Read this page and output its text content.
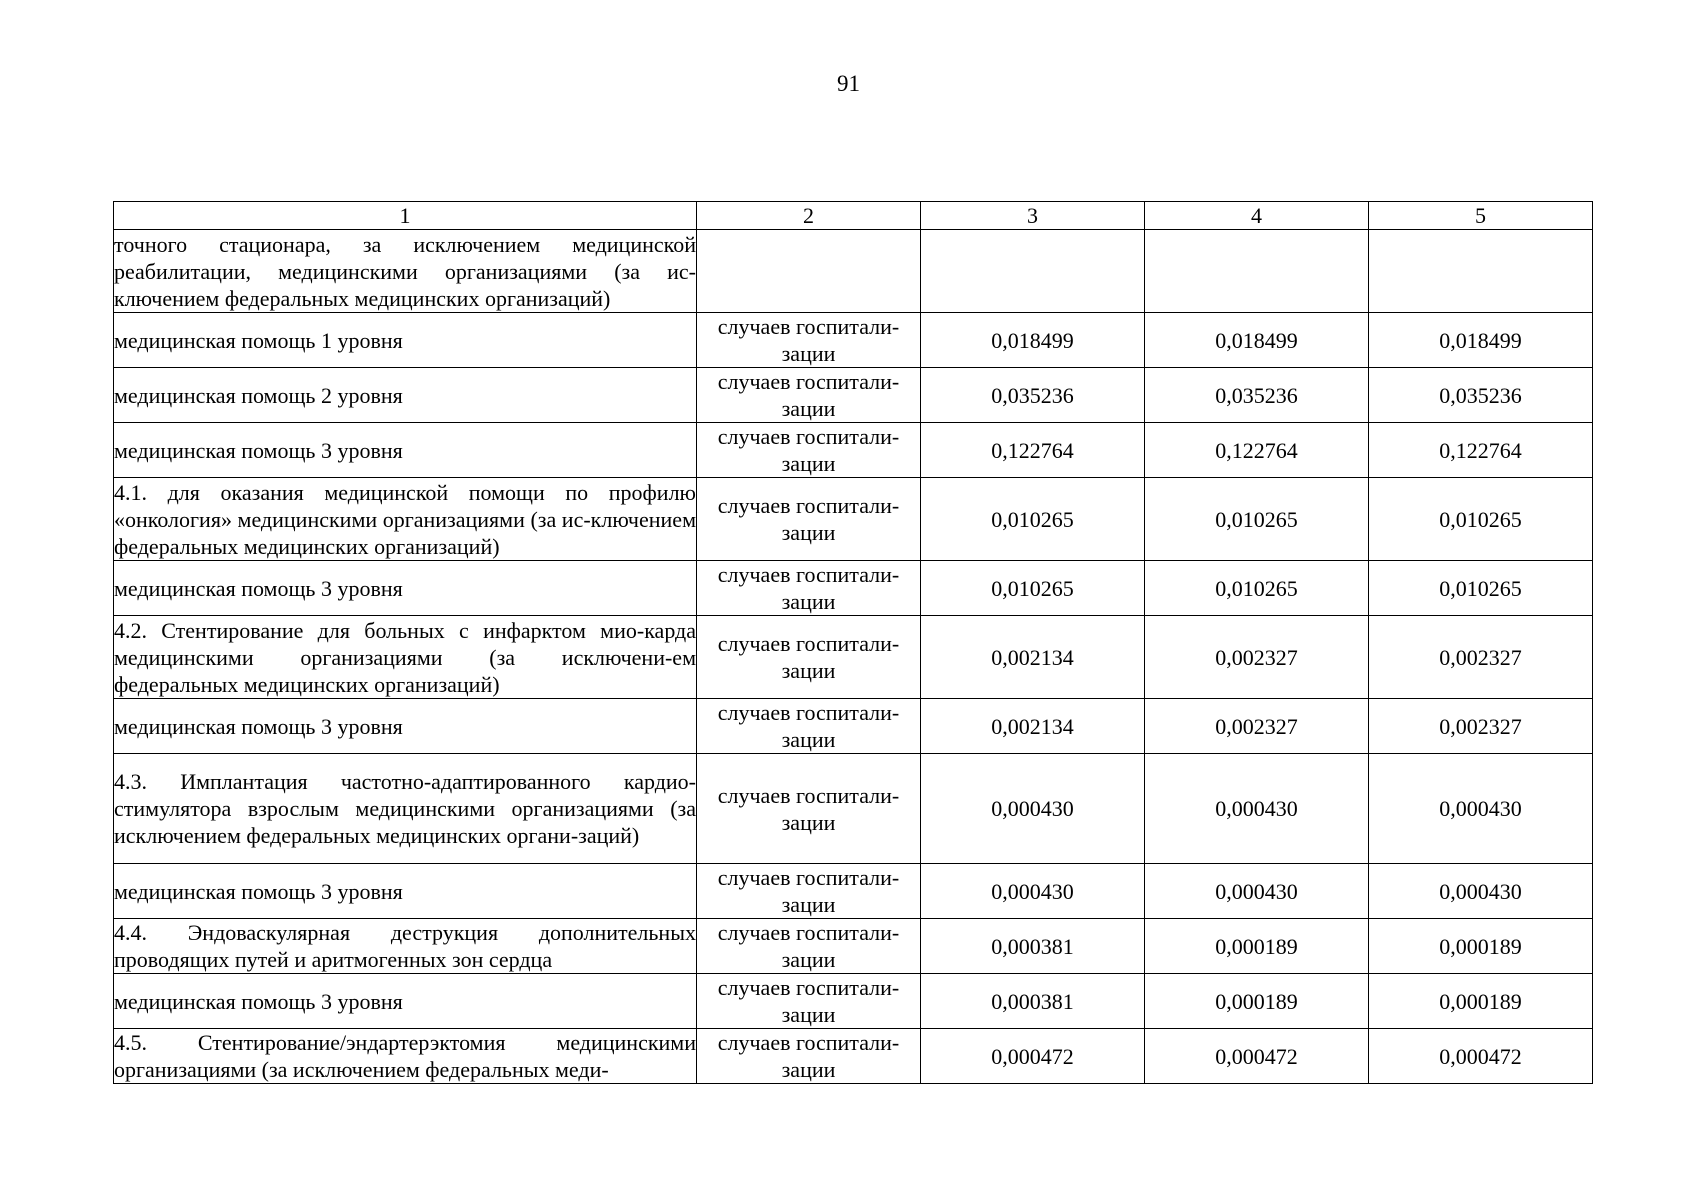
91
1	2	3	4	5
точного стационара, за исключением медицинской реабилитации, медицинскими организациями (за ис-ключением федеральных медицинских организаций)				
медицинская помощь 1 уровня	случаев госпитали-зации	0,018499	0,018499	0,018499
медицинская помощь 2 уровня	случаев госпитали-зации	0,035236	0,035236	0,035236
медицинская помощь 3 уровня	случаев госпитали-зации	0,122764	0,122764	0,122764
4.1. для оказания медицинской помощи по профилю «онкология» медицинскими организациями (за ис-ключением федеральных медицинских организаций)	случаев госпитали-зации	0,010265	0,010265	0,010265
медицинская помощь 3 уровня	случаев госпитали-зации	0,010265	0,010265	0,010265
4.2. Стентирование для больных с инфарктом мио-карда медицинскими организациями (за исключени-ем федеральных медицинских организаций)	случаев госпитали-зации	0,002134	0,002327	0,002327
медицинская помощь 3 уровня	случаев госпитали-зации	0,002134	0,002327	0,002327
4.3. Имплантация частотно-адаптированного кардио-стимулятора взрослым медицинскими организациями (за исключением федеральных медицинских органи-заций)	случаев госпитали-зации	0,000430	0,000430	0,000430
медицинская помощь 3 уровня	случаев госпитали-зации	0,000430	0,000430	0,000430
4.4. Эндоваскулярная деструкция дополнительных проводящих путей и аритмогенных зон сердца	случаев госпитали-зации	0,000381	0,000189	0,000189
медицинская помощь 3 уровня	случаев госпитали-зации	0,000381	0,000189	0,000189
4.5. Стентирование/эндартерэктомия медицинскими организациями (за исключением федеральных меди-	случаев госпитали-зации	0,000472	0,000472	0,000472
